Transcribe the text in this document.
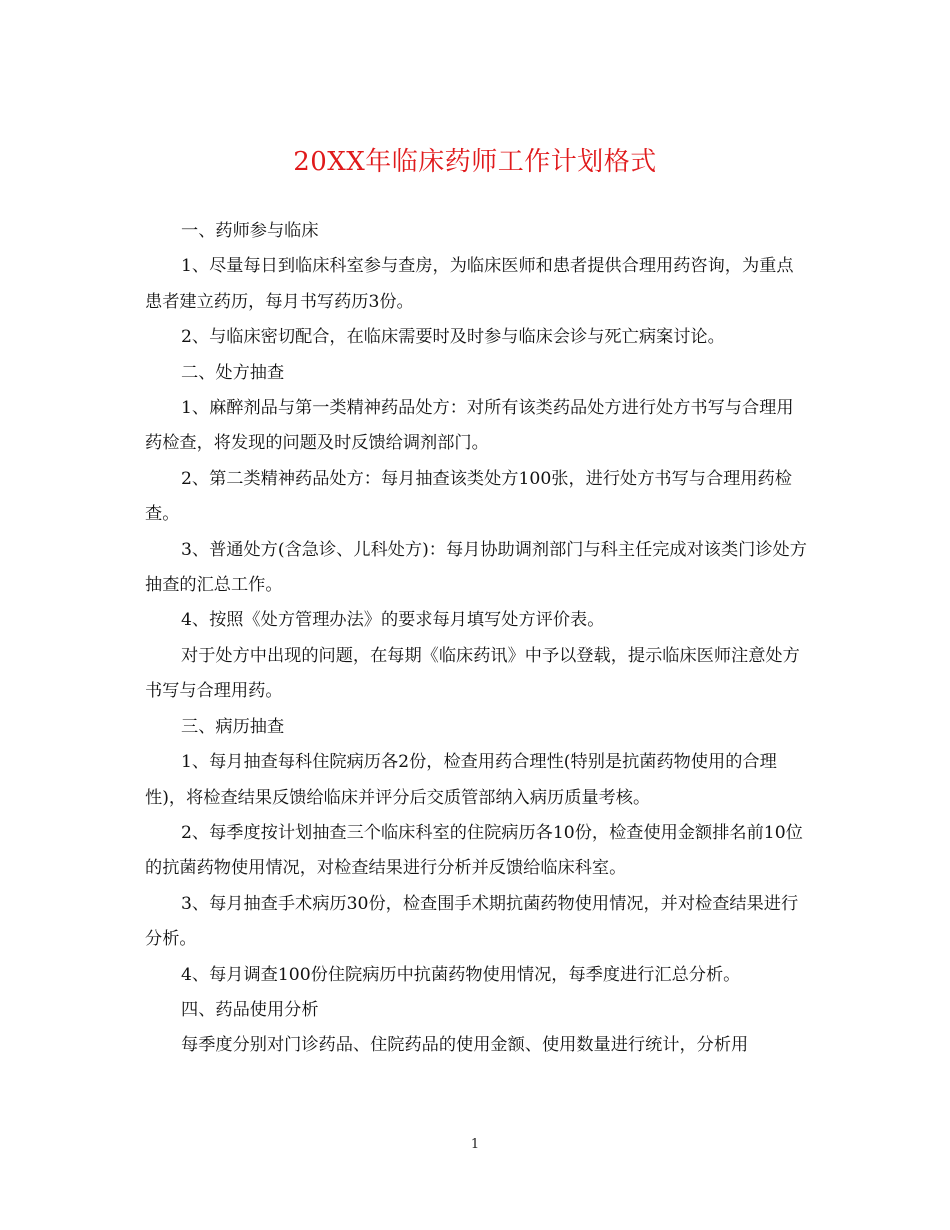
20XX年临床药师工作计划格式

一、药师参与临床

1、尽量每日到临床科室参与查房，为临床医师和患者提供合理用药咨询，为重点患者建立药历，每月书写药历3份。

2、与临床密切配合，在临床需要时及时参与临床会诊与死亡病案讨论。

二、处方抽查

1、麻醉剂品与第一类精神药品处方：对所有该类药品处方进行处方书写与合理用药检查，将发现的问题及时反馈给调剂部门。

2、第二类精神药品处方：每月抽查该类处方100张，进行处方书写与合理用药检查。

3、普通处方(含急诊、儿科处方)：每月协助调剂部门与科主任完成对该类门诊处方抽查的汇总工作。

4、按照《处方管理办法》的要求每月填写处方评价表。

对于处方中出现的问题，在每期《临床药讯》中予以登载，提示临床医师注意处方书写与合理用药。

三、病历抽查

1、每月抽查每科住院病历各2份，检查用药合理性(特别是抗菌药物使用的合理性)，将检查结果反馈给临床并评分后交质管部纳入病历质量考核。

2、每季度按计划抽查三个临床科室的住院病历各10份，检查使用金额排名前10位的抗菌药物使用情况，对检查结果进行分析并反馈给临床科室。

3、每月抽查手术病历30份，检查围手术期抗菌药物使用情况，并对检查结果进行分析。

4、每月调查100份住院病历中抗菌药物使用情况，每季度进行汇总分析。

四、药品使用分析

每季度分别对门诊药品、住院药品的使用金额、使用数量进行统计，分析用

1
